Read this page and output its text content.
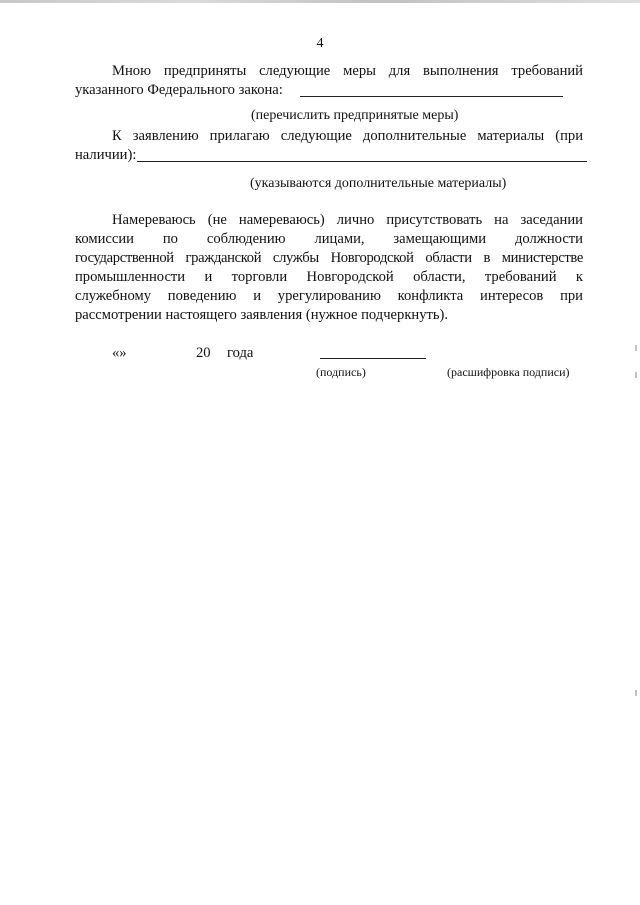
4
Мною предприняты следующие меры для выполнения требований
указанного Федерального закона:
(перечислить предпринятые меры)
К заявлению прилагаю следующие дополнительные материалы (при
наличии):
(указываются дополнительные материалы)
Намереваюсь (не намереваюсь) лично присутствовать на заседании
комиссии по соблюдению лицами, замещающими должности
государственной гражданской службы Новгородской области в министерстве
промышленности и торговли Новгородской области, требований к
служебному поведению и урегулированию конфликта интересов при
рассмотрении настоящего заявления (нужное подчеркнуть).
«»	20 года
(подпись)	(расшифровка подписи)
